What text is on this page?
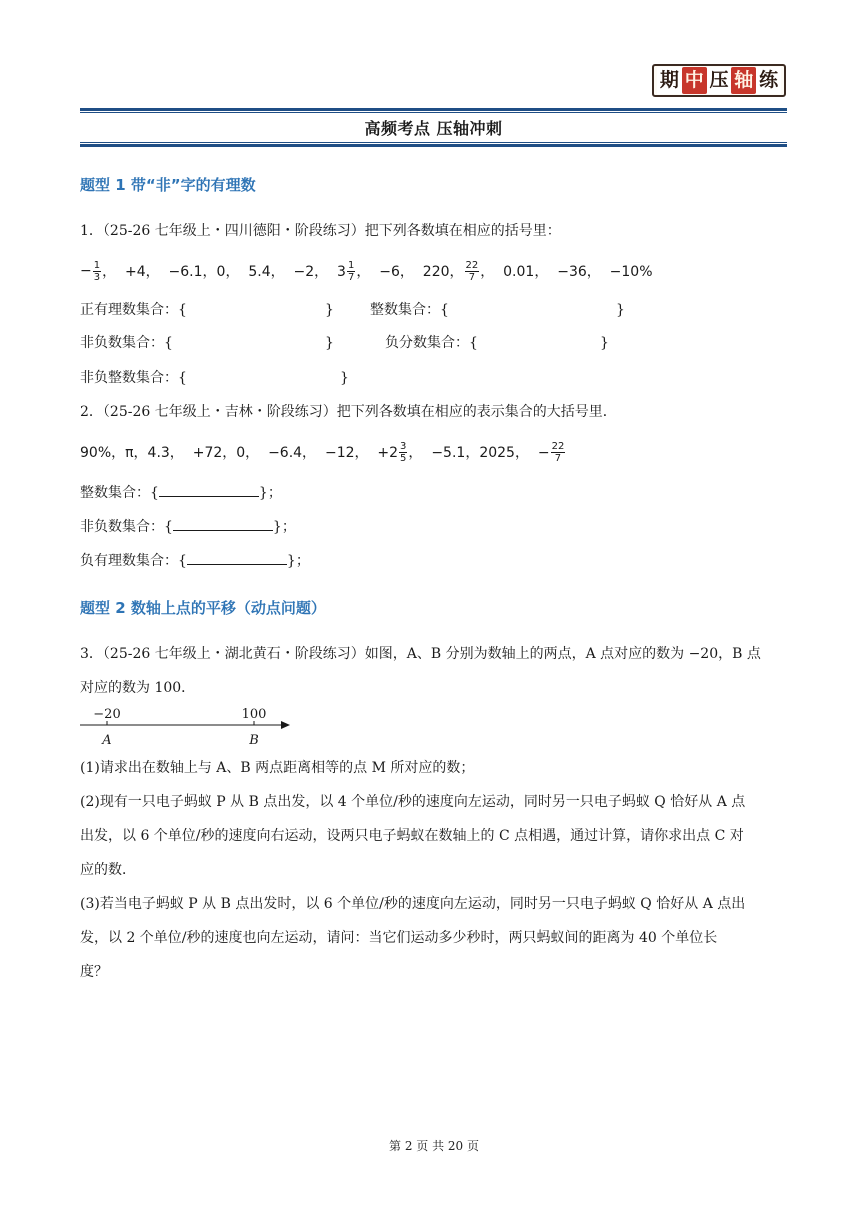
期 中 压 轴 练
高频考点 压轴冲刺
题型 1 带“非”字的有理数
1．（25-26 七年级上・四川德阳・阶段练习）把下列各数填在相应的括号里：
− $\frac{1}{3}$ ，  +4，  −6.1，0，  5.4，  −2，  $3 \frac{1}{7}$ ，  −6，  220， $\frac{22}{7}$ ，  0.01，  −36，  −10%
正有理数集合：{	}	整数集合：{	}
非负数集合：{	}	负分数集合：{	}
非负整数集合：{	}
2．（25-26 七年级上・吉林・阶段练习）把下列各数填在相应的表示集合的大括号里．
90%，π，4.3，  +72，0，  −6.4，  −12，  $+2 \frac{3}{5}$ ，  −5.1，2025，  − $\frac{22}{7}$
整数集合：{	}；
非负数集合：{	}；
负有理数集合：{	}；
题型 2 数轴上点的平移（动点问题）
3．（25-26 七年级上・湖北黄石・阶段练习）如图，A、B 分别为数轴上的两点，A 点对应的数为 −20，B 点
对应的数为 100．
−20	100
A	B
(1)请求出在数轴上与 A、B 两点距离相等的点 M 所对应的数；
(2)现有一只电子蚂蚁 P 从 B 点出发，以 4 个单位/秒的速度向左运动，同时另一只电子蚂蚁 Q 恰好从 A 点
出发，以 6 个单位/秒的速度向右运动，设两只电子蚂蚁在数轴上的 C 点相遇，通过计算，请你求出点 C 对
应的数．
(3)若当电子蚂蚁 P 从 B 点出发时，以 6 个单位/秒的速度向左运动，同时另一只电子蚂蚁 Q 恰好从 A 点出
发，以 2 个单位/秒的速度也向左运动，请问：当它们运动多少秒时，两只蚂蚁间的距离为 40 个单位长
度？
第 2 页 共 20 页
